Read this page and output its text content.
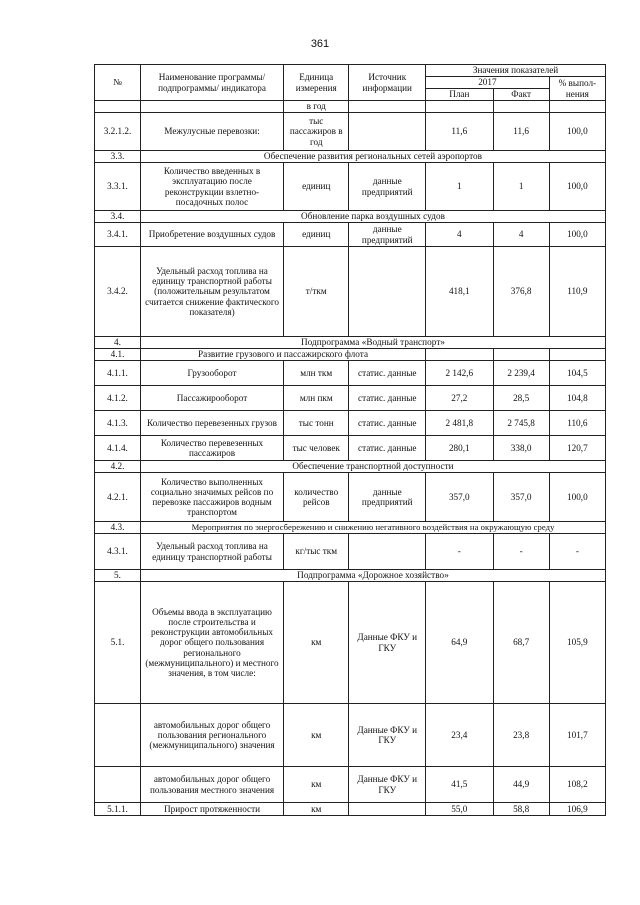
361
№	Наименование программы/ подпрограммы/ индикатора	Единица измерения	Источник информации	Значения показателей		
				2017		% выпол-нения
				План	Факт	
		в год				
3.2.1.2.	Межулусные перевозки:	тыс пассажиров в год		11,6	11,6	100,0
3.3.	Обеспечение развития региональных сетей аэропортов					
3.3.1.	Количество введенных в эксплуатацию после реконструкции взлетно-посадочных полос	единиц	данные предприятий	1	1	100,0
3.4.	Обновление парка воздушных судов					
3.4.1.	Приобретение воздушных судов	единиц	данные предприятий	4	4	100,0
3.4.2.	Удельный расход топлива на единицу транспортной работы (положительным результатом считается снижение фактического показателя)	т/ткм		418,1	376,8	110,9
4.	Подпрограмма «Водный транспорт»					
4.1.	Развитие грузового и пассажирского флота					
4.1.1.	Грузооборот	млн ткм	статис. данные	2 142,6	2 239,4	104,5
4.1.2.	Пассажирооборот	млн пкм	статис. данные	27,2	28,5	104,8
4.1.3.	Количество перевезенных грузов	тыс тонн	статис. данные	2 481,8	2 745,8	110,6
4.1.4.	Количество перевезенных пассажиров	тыс человек	статис. данные	280,1	338,0	120,7
4.2.	Обеспечение транспортной доступности					
4.2.1.	Количество выполненных социально значимых рейсов по перевозке пассажиров водным транспортом	количество рейсов	данные предприятий	357,0	357,0	100,0
4.3.	Мероприятия по энергосбережению и снижению негативного воздействия на окружающую среду					
4.3.1.	Удельный расход топлива на единицу транспортной работы	кг/тыс ткм		-	-	-
5.	Подпрограмма «Дорожное хозяйство»					
5.1.	Объемы ввода в эксплуатацию после строительства и реконструкции автомобильных дорог общего пользования регионального (межмуниципального) и местного значения, в том числе:	км	Данные ФКУ и ГКУ	64,9	68,7	105,9
	автомобильных дорог общего пользования регионального (межмуниципального) значения	км	Данные ФКУ и ГКУ	23,4	23,8	101,7
	автомобильных дорог общего пользования местного значения	км	Данные ФКУ и ГКУ	41,5	44,9	108,2
5.1.1.	Прирост протяженности	км		55,0	58,8	106,9
